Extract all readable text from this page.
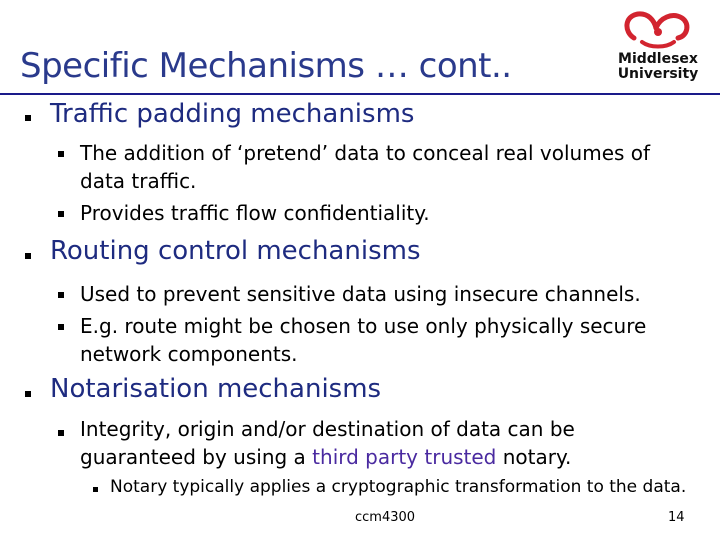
Specific Mechanisms … cont..	Middlesex
University
Traffic padding mechanisms
The addition of ‘pretend’ data to conceal real volumes of data traffic.
Provides traffic flow confidentiality.
Routing control mechanisms
Used to prevent sensitive data using insecure channels.
E.g. route might be chosen to use only physically secure network components.
Notarisation mechanisms
Integrity, origin and/or destination of data can be guaranteed by using a third party trusted notary.
Notary typically applies a cryptographic transformation to the data.
ccm4300	14
